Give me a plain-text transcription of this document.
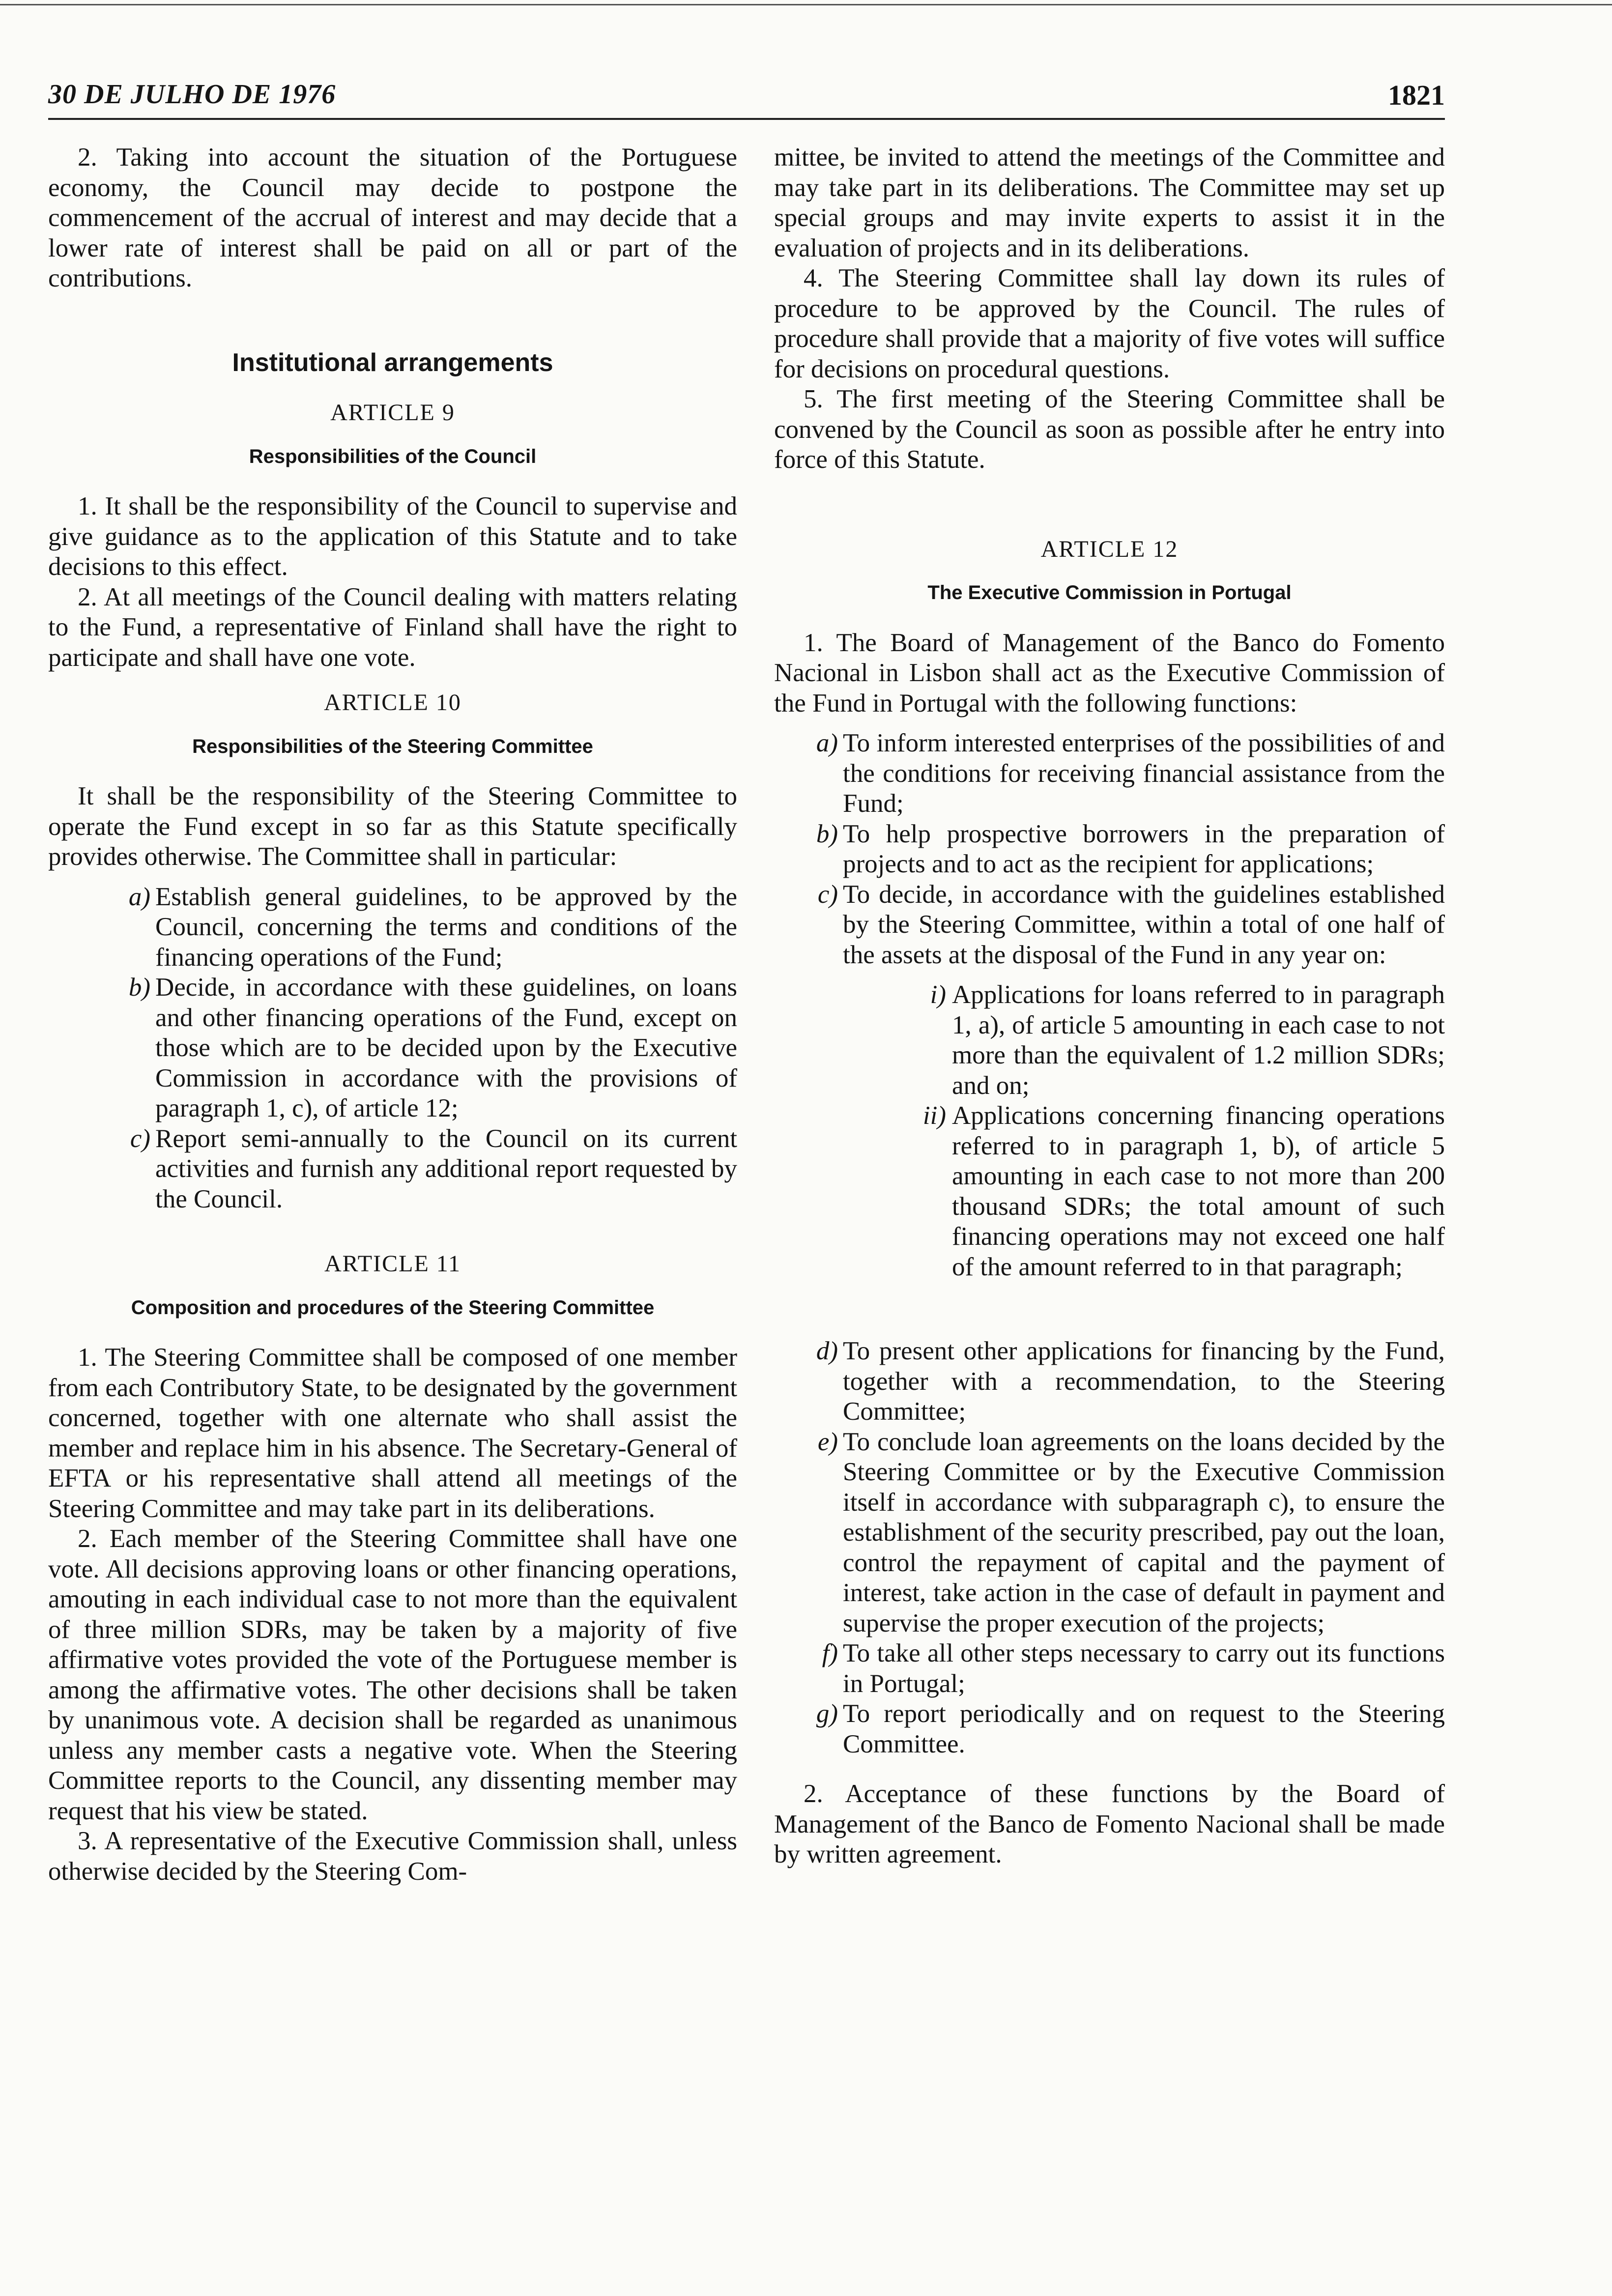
30 DE JULHO DE 1976	1821

2. Taking into account the situation of the Portuguese economy, the Council may decide to postpone the commencement of the accrual of interest and may decide that a lower rate of interest shall be paid on all or part of the contributions.

Institutional arrangements
ARTICLE 9
Responsibilities of the Council

1. It shall be the responsibility of the Council to supervise and give guidance as to the application of this Statute and to take decisions to this effect.

2. At all meetings of the Council dealing with matters relating to the Fund, a representative of Finland shall have the right to participate and shall have one vote.

ARTICLE 10
Responsibilities of the Steering Committee

It shall be the responsibility of the Steering Committee to operate the Fund except in so far as this Statute specifically provides otherwise. The Committee shall in particular:

a) Establish general guidelines, to be approved by the Council, concerning the terms and conditions of the financing operations of the Fund;
b) Decide, in accordance with these guidelines, on loans and other financing operations of the Fund, except on those which are to be decided upon by the Executive Commission in accordance with the provisions of paragraph 1, c), of article 12;
c) Report semi-annually to the Council on its current activities and furnish any additional report requested by the Council.
ARTICLE 11
Composition and procedures of the Steering Committee

1. The Steering Committee shall be composed of one member from each Contributory State, to be designated by the government concerned, together with one alternate who shall assist the member and replace him in his absence. The Secretary-General of EFTA or his representative shall attend all meetings of the Steering Committee and may take part in its deliberations.

2. Each member of the Steering Committee shall have one vote. All decisions approving loans or other financing operations, amouting in each individual case to not more than the equivalent of three million SDRs, may be taken by a majority of five affirmative votes provided the vote of the Portuguese member is among the affirmative votes. The other decisions shall be taken by unanimous vote. A decision shall be regarded as unanimous unless any member casts a negative vote. When the Steering Committee reports to the Council, any dissenting member may request that his view be stated.

3. A representative of the Executive Commission shall, unless otherwise decided by the Steering Com-

mittee, be invited to attend the meetings of the Committee and may take part in its deliberations. The Committee may set up special groups and may invite experts to assist it in the evaluation of projects and in its deliberations.

4. The Steering Committee shall lay down its rules of procedure to be approved by the Council. The rules of procedure shall provide that a majority of five votes will suffice for decisions on procedural questions.

5. The first meeting of the Steering Committee shall be convened by the Council as soon as possible after he entry into force of this Statute.

ARTICLE 12
The Executive Commission in Portugal

1. The Board of Management of the Banco do Fomento Nacional in Lisbon shall act as the Executive Commission of the Fund in Portugal with the following functions:

a) To inform interested enterprises of the possibilities of and the conditions for receiving financial assistance from the Fund;
b) To help prospective borrowers in the preparation of projects and to act as the recipient for applications;
c) To decide, in accordance with the guidelines established by the Steering Committee, within a total of one half of the assets at the disposal of the Fund in any year on:
i) Applications for loans referred to in paragraph 1, a), of article 5 amounting in each case to not more than the equivalent of 1.2 million SDRs; and on;
ii) Applications concerning financing operations referred to in paragraph 1, b), of article 5 amounting in each case to not more than 200 thousand SDRs; the total amount of such financing operations may not exceed one half of the amount referred to in that paragraph;
d) To present other applications for financing by the Fund, together with a recommendation, to the Steering Committee;
e) To conclude loan agreements on the loans decided by the Steering Committee or by the Executive Commission itself in accordance with subparagraph c), to ensure the establishment of the security prescribed, pay out the loan, control the repayment of capital and the payment of interest, take action in the case of default in payment and supervise the proper execution of the projects;
f) To take all other steps necessary to carry out its functions in Portugal;
g) To report periodically and on request to the Steering Committee.

2. Acceptance of these functions by the Board of Management of the Banco de Fomento Nacional shall be made by written agreement.
